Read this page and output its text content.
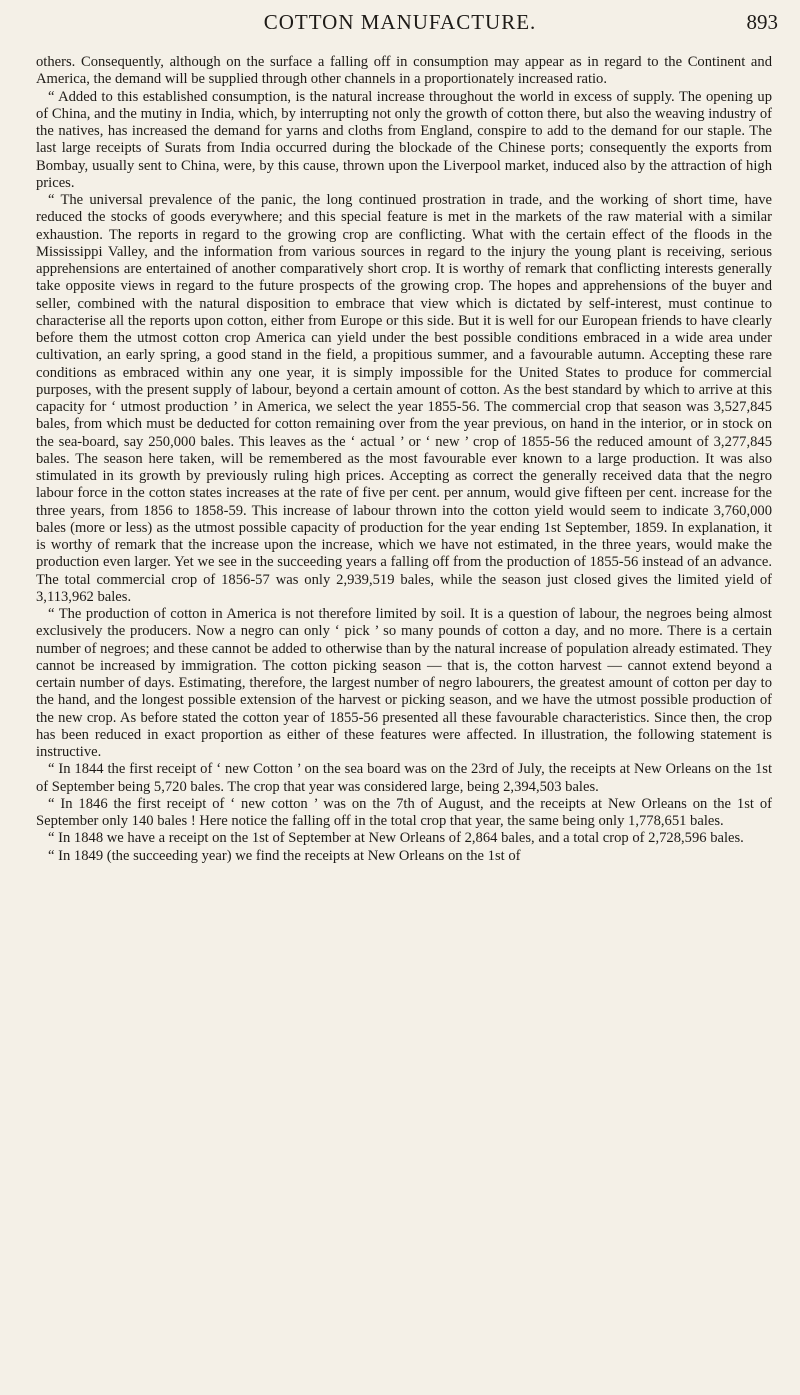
COTTON MANUFACTURE.	893

others. Consequently, although on the surface a falling off in consumption may appear as in regard to the Continent and America, the demand will be supplied through other channels in a proportionately increased ratio.

“ Added to this established consumption, is the natural increase throughout the world in excess of supply. The opening up of China, and the mutiny in India, which, by interrupting not only the growth of cotton there, but also the weaving industry of the natives, has increased the demand for yarns and cloths from England, conspire to add to the demand for our staple. The last large receipts of Surats from India occurred during the blockade of the Chinese ports; consequently the exports from Bombay, usually sent to China, were, by this cause, thrown upon the Liverpool market, induced also by the attraction of high prices.

“ The universal prevalence of the panic, the long continued prostration in trade, and the working of short time, have reduced the stocks of goods everywhere; and this special feature is met in the markets of the raw material with a similar exhaustion. The reports in regard to the growing crop are conflicting. What with the certain effect of the floods in the Mississippi Valley, and the information from various sources in regard to the injury the young plant is receiving, serious apprehensions are entertained of another comparatively short crop. It is worthy of remark that conflicting interests generally take opposite views in regard to the future prospects of the growing crop. The hopes and apprehensions of the buyer and seller, combined with the natural disposition to embrace that view which is dictated by self-interest, must continue to characterise all the reports upon cotton, either from Europe or this side. But it is well for our European friends to have clearly before them the utmost cotton crop America can yield under the best possible conditions embraced in a wide area under cultivation, an early spring, a good stand in the field, a propitious summer, and a favourable autumn. Accepting these rare conditions as embraced within any one year, it is simply impossible for the United States to produce for commercial purposes, with the present supply of labour, beyond a certain amount of cotton. As the best standard by which to arrive at this capacity for ‘ utmost production ’ in America, we select the year 1855-56. The commercial crop that season was 3,527,845 bales, from which must be deducted for cotton remaining over from the year previous, on hand in the interior, or in stock on the sea-board, say 250,000 bales. This leaves as the ‘ actual ’ or ‘ new ’ crop of 1855-56 the reduced amount of 3,277,845 bales. The season here taken, will be remembered as the most favourable ever known to a large production. It was also stimulated in its growth by previously ruling high prices. Accepting as correct the generally received data that the negro labour force in the cotton states increases at the rate of five per cent. per annum, would give fifteen per cent. increase for the three years, from 1856 to 1858-59. This increase of labour thrown into the cotton yield would seem to indicate 3,760,000 bales (more or less) as the utmost possible capacity of production for the year ending 1st September, 1859. In explanation, it is worthy of remark that the increase upon the increase, which we have not estimated, in the three years, would make the production even larger. Yet we see in the succeeding years a falling off from the production of 1855-56 instead of an advance. The total commercial crop of 1856-57 was only 2,939,519 bales, while the season just closed gives the limited yield of 3,113,962 bales.

“ The production of cotton in America is not therefore limited by soil. It is a question of labour, the negroes being almost exclusively the producers. Now a negro can only ‘ pick ’ so many pounds of cotton a day, and no more. There is a certain number of negroes; and these cannot be added to otherwise than by the natural increase of population already estimated. They cannot be increased by immigration. The cotton picking season — that is, the cotton harvest — cannot extend beyond a certain number of days. Estimating, therefore, the largest number of negro labourers, the greatest amount of cotton per day to the hand, and the longest possible extension of the harvest or picking season, and we have the utmost possible production of the new crop. As before stated the cotton year of 1855-56 presented all these favourable characteristics. Since then, the crop has been reduced in exact proportion as either of these features were affected. In illustration, the following statement is instructive.

“ In 1844 the first receipt of ‘ new Cotton ’ on the sea board was on the 23rd of July, the receipts at New Orleans on the 1st of September being 5,720 bales. The crop that year was considered large, being 2,394,503 bales.

“ In 1846 the first receipt of ‘ new cotton ’ was on the 7th of August, and the receipts at New Orleans on the 1st of September only 140 bales ! Here notice the falling off in the total crop that year, the same being only 1,778,651 bales.

“ In 1848 we have a receipt on the 1st of September at New Orleans of 2,864 bales, and a total crop of 2,728,596 bales.

“ In 1849 (the succeeding year) we find the receipts at New Orleans on the 1st of
